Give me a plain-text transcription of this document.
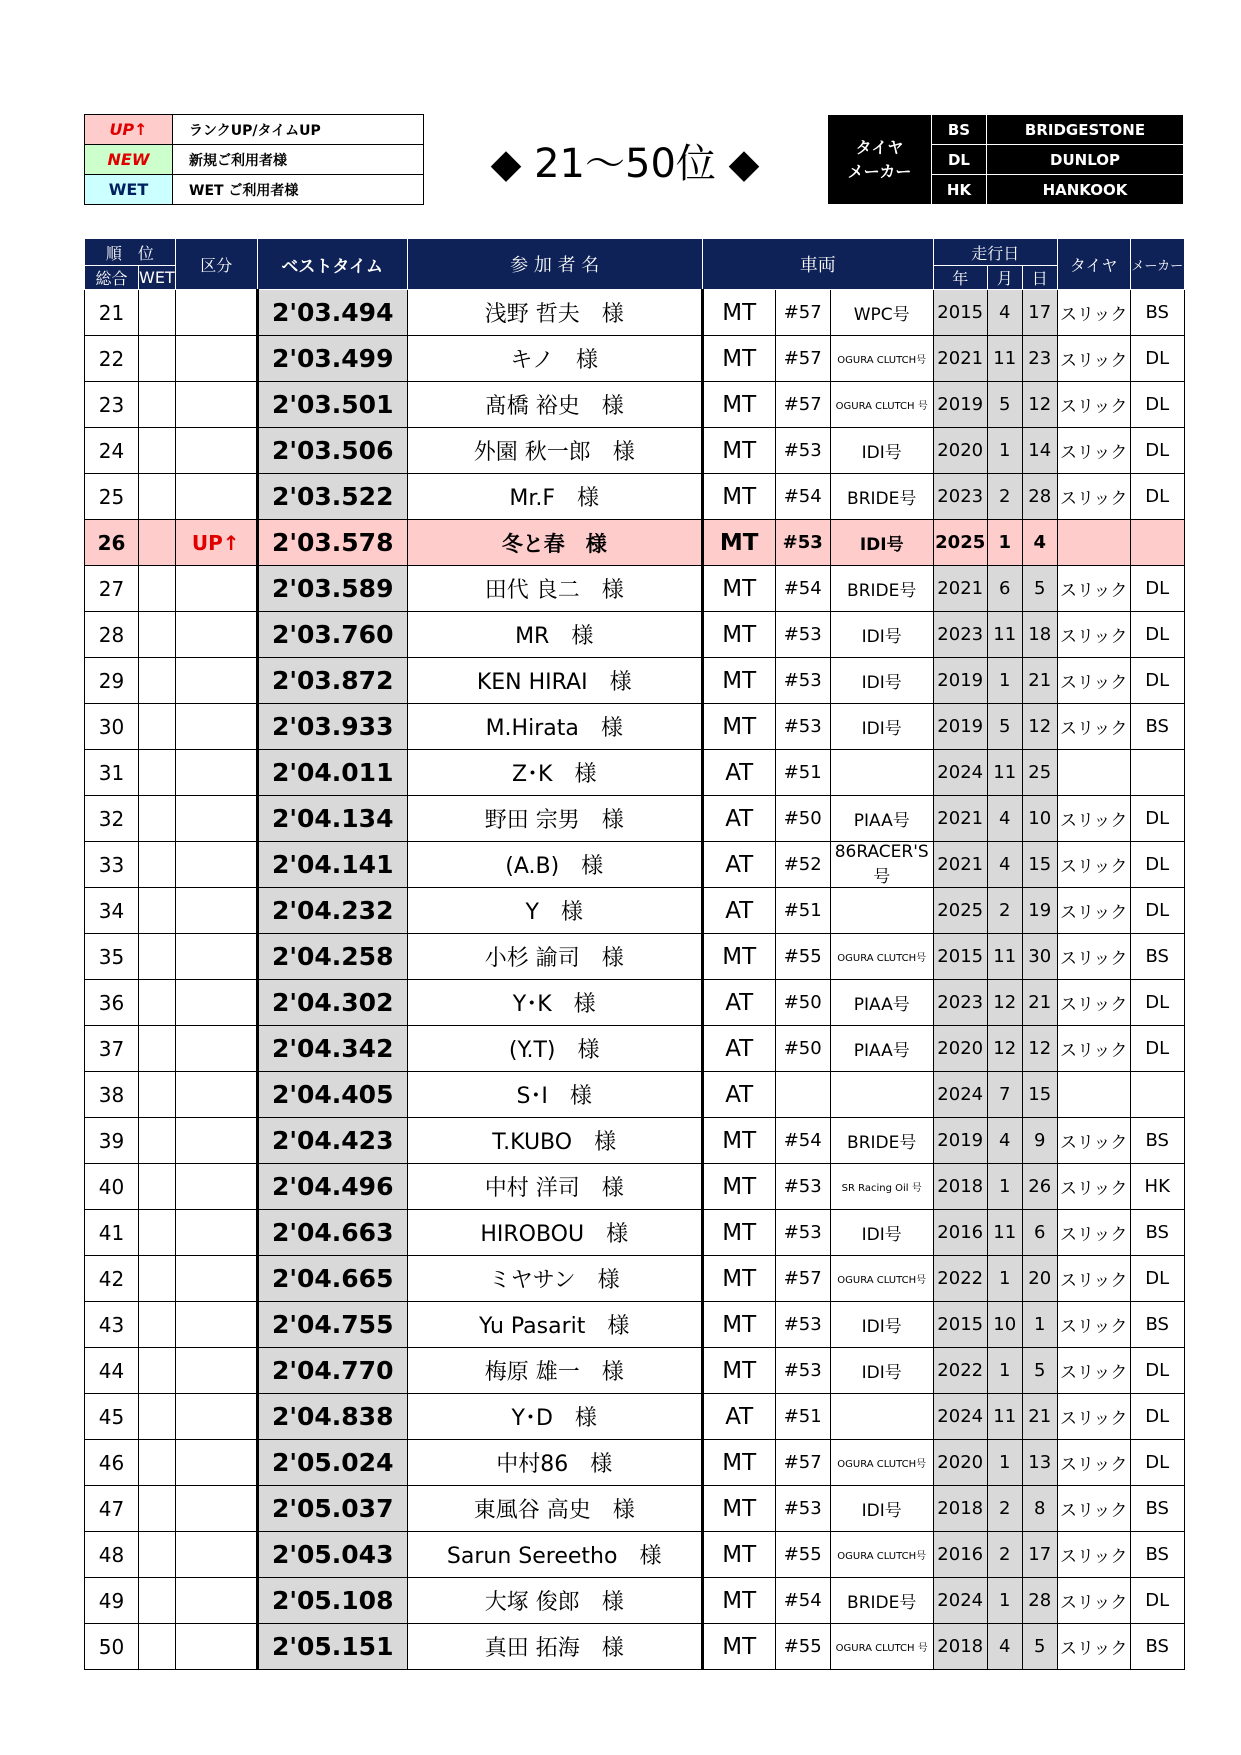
UP↑	ランクUP/タイムUP
NEW	新規ご利用者様
WET	WET ご利用者様
◆ 21～50位 ◆	タイヤ
メーカー	BS	BRIDGESTONE
	DL	DUNLOP
	HK	HANKOOK
順　位		区分	ベストタイム	参 加 者 名	車両			走行日			タイヤ	メーカー
総合	WET							年	月	日		
21			2'03.494	浅野 哲夫　様	MT	#57	WPC号	2015	4	17	スリック	BS
22			2'03.499	キノ　様	MT	#57	OGURA CLUTCH号	2021	11	23	スリック	DL
23			2'03.501	髙橋 裕史　様	MT	#57	OGURA CLUTCH 号	2019	5	12	スリック	DL
24			2'03.506	外園 秋一郎　様	MT	#53	IDI号	2020	1	14	スリック	DL
25			2'03.522	Mr.F　様	MT	#54	BRIDE号	2023	2	28	スリック	DL
26		UP↑	2'03.578	冬と春　様	MT	#53	IDI号	2025	1	4		
27			2'03.589	田代 良二　様	MT	#54	BRIDE号	2021	6	5	スリック	DL
28			2'03.760	MR　様	MT	#53	IDI号	2023	11	18	スリック	DL
29			2'03.872	KEN HIRAI　様	MT	#53	IDI号	2019	1	21	スリック	DL
30			2'03.933	M.Hirata　様	MT	#53	IDI号	2019	5	12	スリック	BS
31			2'04.011	Z･K　様	AT	#51		2024	11	25		
32			2'04.134	野田 宗男　様	AT	#50	PIAA号	2021	4	10	スリック	DL
33			2'04.141	(A.B)　様	AT	#52	86RACER'S号	2021	4	15	スリック	DL
34			2'04.232	Y　様	AT	#51		2025	2	19	スリック	DL
35			2'04.258	小杉 諭司　様	MT	#55	OGURA CLUTCH号	2015	11	30	スリック	BS
36			2'04.302	Y･K　様	AT	#50	PIAA号	2023	12	21	スリック	DL
37			2'04.342	(Y.T)　様	AT	#50	PIAA号	2020	12	12	スリック	DL
38			2'04.405	S･I　様	AT			2024	7	15		
39			2'04.423	T.KUBO　様	MT	#54	BRIDE号	2019	4	9	スリック	BS
40			2'04.496	中村 洋司　様	MT	#53	SR Racing Oil 号	2018	1	26	スリック	HK
41			2'04.663	HIROBOU　様	MT	#53	IDI号	2016	11	6	スリック	BS
42			2'04.665	ミヤサン　様	MT	#57	OGURA CLUTCH号	2022	1	20	スリック	DL
43			2'04.755	Yu Pasarit　様	MT	#53	IDI号	2015	10	1	スリック	BS
44			2'04.770	梅原 雄一　様	MT	#53	IDI号	2022	1	5	スリック	DL
45			2'04.838	Y･D　様	AT	#51		2024	11	21	スリック	DL
46			2'05.024	中村86　様	MT	#57	OGURA CLUTCH号	2020	1	13	スリック	DL
47			2'05.037	東風谷 高史　様	MT	#53	IDI号	2018	2	8	スリック	BS
48			2'05.043	Sarun Sereetho　様	MT	#55	OGURA CLUTCH号	2016	2	17	スリック	BS
49			2'05.108	大塚 俊郎　様	MT	#54	BRIDE号	2024	1	28	スリック	DL
50			2'05.151	真田 拓海　様	MT	#55	OGURA CLUTCH 号	2018	4	5	スリック	BS
